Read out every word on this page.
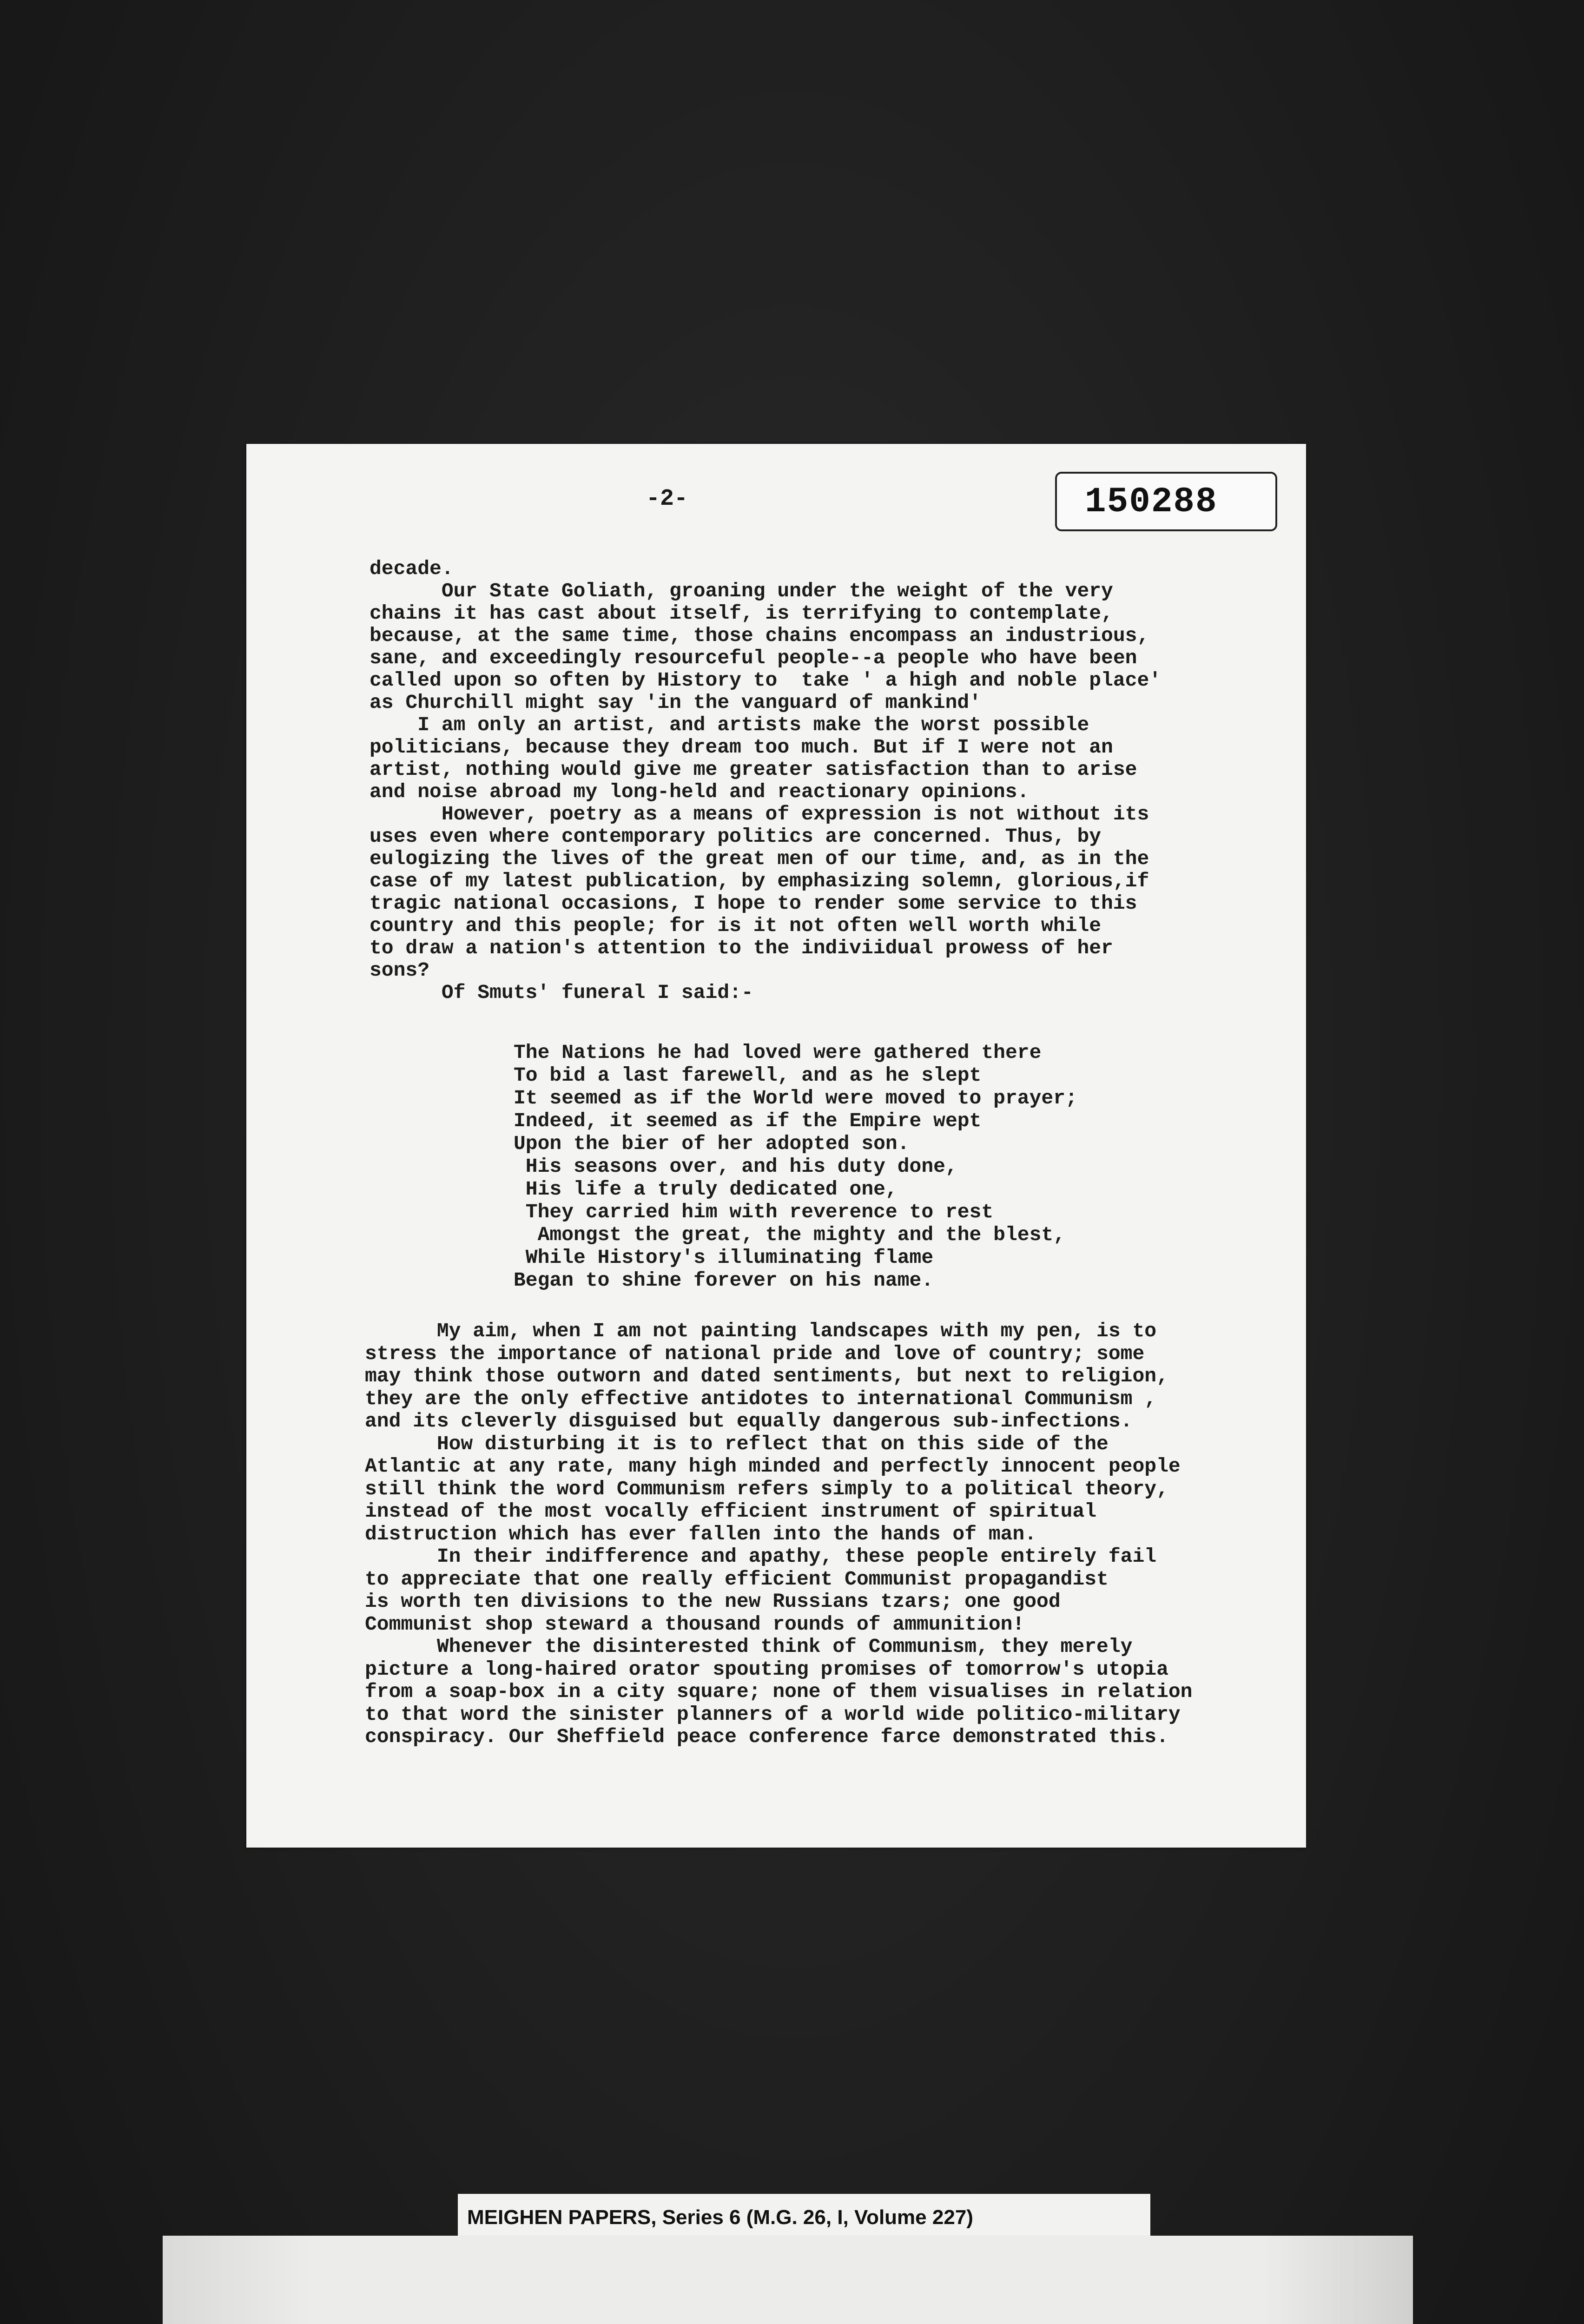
-2-	150288

decade.

Our State Goliath, groaning under the weight of the very

chains it has cast about itself, is terrifying to contemplate,

because, at the same time, those chains encompass an industrious,

sane, and exceedingly resourceful people--a people who have been

called upon so often by History to  take ' a high and noble place'

as Churchill might say 'in the vanguard of mankind'

I am only an artist, and artists make the worst possible

politicians, because they dream too much. But if I were not an

artist, nothing would give me greater satisfaction than to arise

and noise abroad my long-held and reactionary opinions.

However, poetry as a means of expression is not without its

uses even where contemporary politics are concerned. Thus, by

eulogizing the lives of the great men of our time, and, as in the

case of my latest publication, by emphasizing solemn, glorious,if

tragic national occasions, I hope to render some service to this

country and this people; for is it not often well worth while

to draw a nation's attention to the indiviidual prowess of her

sons?

Of Smuts' funeral I said:-

The Nations he had loved were gathered there

To bid a last farewell, and as he slept

It seemed as if the World were moved to prayer;

Indeed, it seemed as if the Empire wept

Upon the bier of her adopted son.

His seasons over, and his duty done,

His life a truly dedicated one,

They carried him with reverence to rest

Amongst the great, the mighty and the blest,

While History's illuminating flame

Began to shine forever on his name.

My aim, when I am not painting landscapes with my pen, is to

stress the importance of national pride and love of country; some

may think those outworn and dated sentiments, but next to religion,

they are the only effective antidotes to international Communism ,

and its cleverly disguised but equally dangerous sub-infections.

How disturbing it is to reflect that on this side of the

Atlantic at any rate, many high minded and perfectly innocent people

still think the word Communism refers simply to a political theory,

instead of the most vocally efficient instrument of spiritual

distruction which has ever fallen into the hands of man.

In their indifference and apathy, these people entirely fail

to appreciate that one really efficient Communist propagandist

is worth ten divisions to the new Russians tzars; one good

Communist shop steward a thousand rounds of ammunition!

Whenever the disinterested think of Communism, they merely

picture a long-haired orator spouting promises of tomorrow's utopia

from a soap-box in a city square; none of them visualises in relation

to that word the sinister planners of a world wide politico-military

conspiracy. Our Sheffield peace conference farce demonstrated this.

MEIGHEN PAPERS, Series 6 (M.G. 26, I, Volume 227)
